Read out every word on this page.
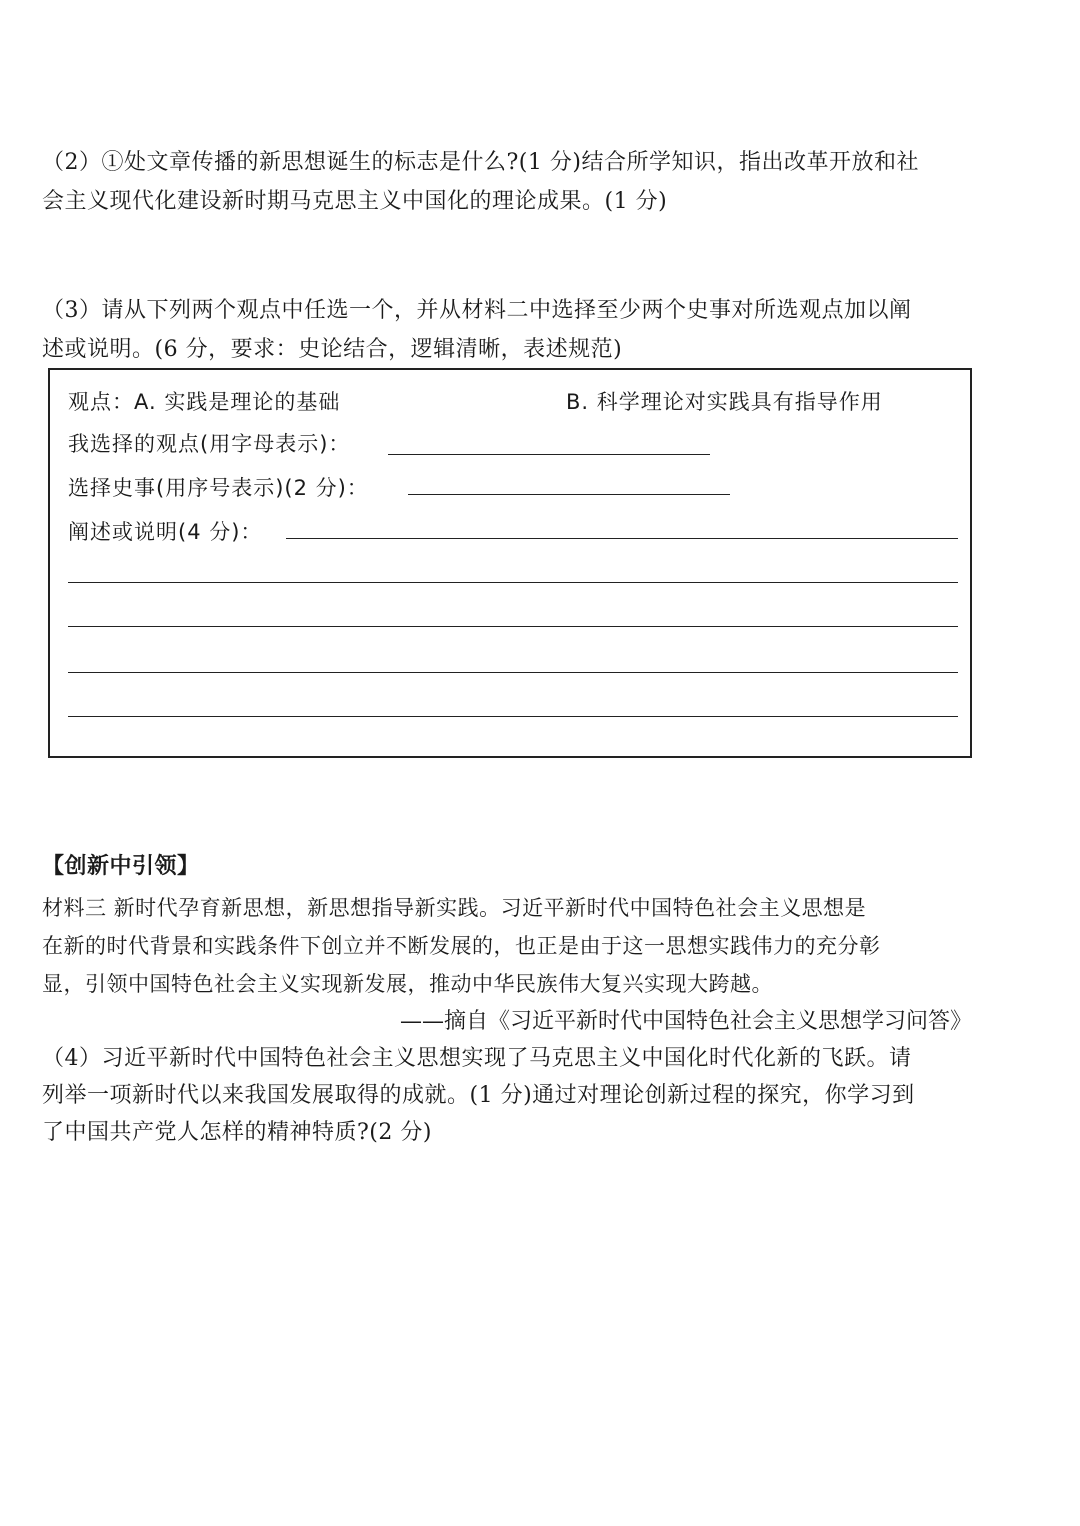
（2）①处文章传播的新思想诞生的标志是什么?(1 分)结合所学知识，指出改革开放和社
会主义现代化建设新时期马克思主义中国化的理论成果。(1 分)
（3）请从下列两个观点中任选一个，并从材料二中选择至少两个史事对所选观点加以阐
述或说明。(6 分，要求：史论结合，逻辑清晰，表述规范)
观点：A. 实践是理论的基础	B. 科学理论对实践具有指导作用
我选择的观点(用字母表示)：
选择史事(用序号表示)(2 分)：
阐述或说明(4 分)：
【创新中引领】
材料三 新时代孕育新思想，新思想指导新实践。习近平新时代中国特色社会主义思想是
在新的时代背景和实践条件下创立并不断发展的，也正是由于这一思想实践伟力的充分彰
显，引领中国特色社会主义实现新发展，推动中华民族伟大复兴实现大跨越。
——摘自《习近平新时代中国特色社会主义思想学习问答》
（4）习近平新时代中国特色社会主义思想实现了马克思主义中国化时代化新的飞跃。请
列举一项新时代以来我国发展取得的成就。(1 分)通过对理论创新过程的探究，你学习到
了中国共产党人怎样的精神特质?(2 分)
